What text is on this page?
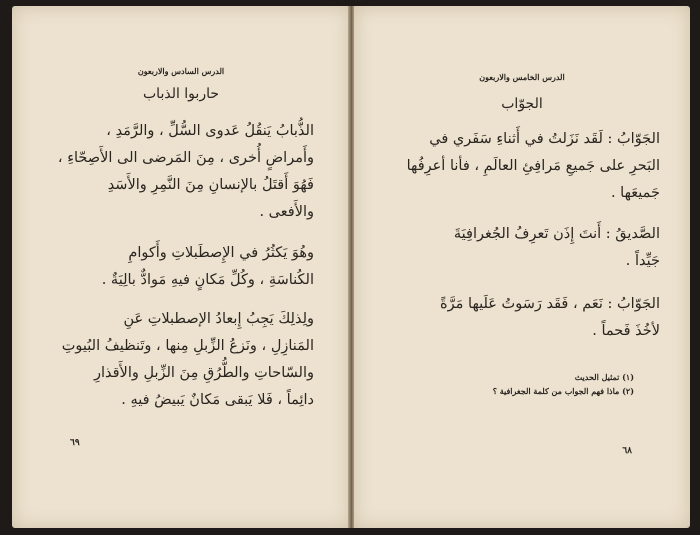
الدرس السادس والاربعون
حاربوا الذباب
الذُّبابُ يَنقُلُ عَدوى السُّلِّ ، والرَّمَدِ ،
وأَمراضٍ أُخرى ، مِنَ المَرضى الى الأَصِحّاءِ ،
فَهُوَ أَقتَلُ بالإنسانِ مِنَ النَّمِرِ والأَسَدِ
والأَفعى .
وهُوَ يَكثُرُ في الإِصطَبلاتِ وأَكوامِ
الكُناسَةِ ، وكُلِّ مَكانٍ فيهِ مَوادٌّ بالِيَةٌ .
ولِذلِكَ يَجِبُ إِبعادُ الإصطبلاتِ عَنِ
المَنازِلِ ، ونَزعُ الزِّبلِ مِنها ، وتَنظيفُ البُيوتِ
والسّاحاتِ والطُّرُقِ مِنَ الزِّبلِ والأَقذارِ
دائِماً ، فَلا يَبقى مَكانٌ يَبيضُ فيهِ .
٦٩
الدرس الخامس والاربعون
الجوّاب
الجَوّابُ : لَقَد نَزَلتُ في أَثناءِ سَفَري في
البَحرِ على جَميعِ مَرافِئِ العالَمِ ، فأنا أعرِفُها
جَميعَها .
الصَّديقُ : أَنتَ إِذَن تَعرِفُ الجُغرافِيَةَ
جَيِّداً .
الجَوّابُ : نَعَم ، فَقَد رَسَوتُ عَلَيها مَرَّةً
لأخُذَ فَحماً .
(١) تمثيل الحديث
(٢) ماذا فهم الجواب من كلمة الجغرافية ؟
٦٨
